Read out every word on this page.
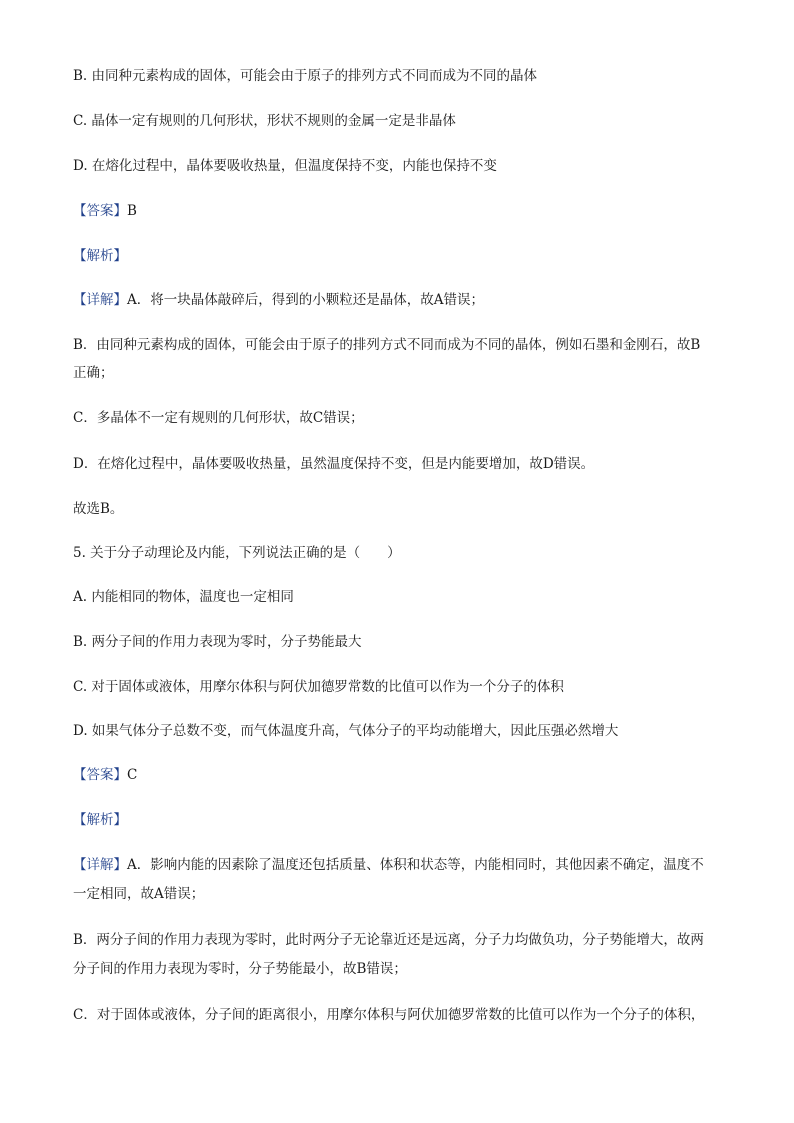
B. 由同种元素构成的固体，可能会由于原子的排列方式不同而成为不同的晶体

C. 晶体一定有规则的几何形状，形状不规则的金属一定是非晶体

D. 在熔化过程中，晶体要吸收热量，但温度保持不变，内能也保持不变

【答案】B

【解析】

【详解】A．将一块晶体敲碎后，得到的小颗粒还是晶体，故A错误；

B．由同种元素构成的固体，可能会由于原子的排列方式不同而成为不同的晶体，例如石墨和金刚石，故B

正确；

C．多晶体不一定有规则的几何形状，故C错误；

D．在熔化过程中，晶体要吸收热量，虽然温度保持不变，但是内能要增加，故D错误。

故选B。

5. 关于分子动理论及内能，下列说法正确的是（　　）

A. 内能相同的物体，温度也一定相同

B. 两分子间的作用力表现为零时，分子势能最大

C. 对于固体或液体，用摩尔体积与阿伏加德罗常数的比值可以作为一个分子的体积

D. 如果气体分子总数不变，而气体温度升高，气体分子的平均动能增大，因此压强必然增大

【答案】C

【解析】

【详解】A．影响内能的因素除了温度还包括质量、体积和状态等，内能相同时，其他因素不确定，温度不

一定相同，故A错误；

B．两分子间的作用力表现为零时，此时两分子无论靠近还是远离，分子力均做负功，分子势能增大，故两

分子间的作用力表现为零时，分子势能最小，故B错误；

C．对于固体或液体，分子间的距离很小，用摩尔体积与阿伏加德罗常数的比值可以作为一个分子的体积，
